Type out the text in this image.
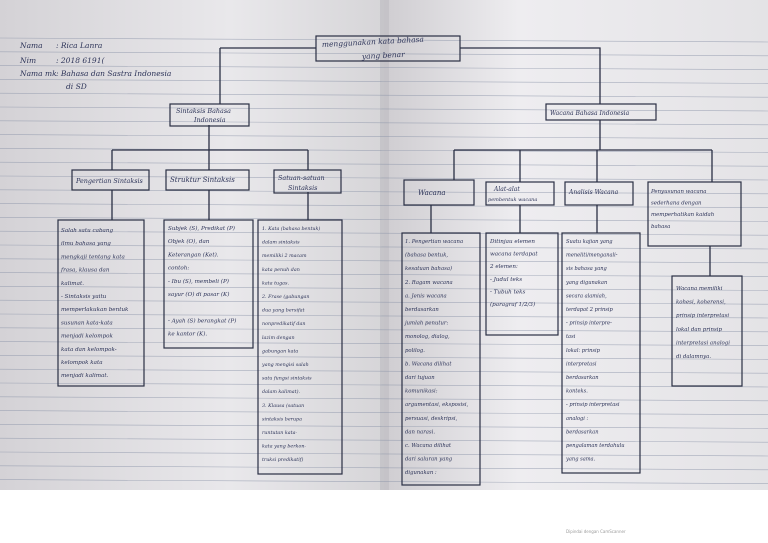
Nama : Rica Lanra
Nim	: 2018 6191(
Nama mk : Bahasa dan Sastra Indonesia
di SD
menggunakan kata bahasa
yang benar
Sintaksis Bahasa
Indonesia
Pengertian Sintaksis	Struktur Sintaksis	Satuan-satuan
Sintaksis
Wacana Bahasa Indonesia
Wacana	Alat-alat
pembentuk wacana
Analisis Wacana
Salah satu cabang
ilmu bahasa yang
mengkaji tentang kata
frasa, klausa dan
kalimat.
- Sintaksis yaitu
memperlakukan bentuk
susunan kata-kata
menjadi kelompok
kata dan kelompok-
kelompok kata
menjadi kalimat.
Subjek (S), Predikat (P)
Objek (O), dan
Keterangan (Ket).
contoh:
- Ibu (S), membeli (P)
sayur (O) di pasar (K)
- Ayah (S) berangkat (P)
ke kantor (K).
1. Kata (bahasa bentuk)
dalam sintaksis
memiliki 2 macam
kata penuh dan
kata tugas.
2. Frase (gabungan
dua yang bersifat
nonpredikatif dan
lazim dengan
gabungan kata
yang mengisi salah
satu fungsi sintaksis
dalam kalimat).
3. Klausa (satuan
sintaksis berupa
runtutan kata-
kata yang berkon-
truksi predikatif)
1. Pengertian wacana
(bahasa bentuk,
kesatuan bahasa)
2. Ragam wacana
a. Jenis wacana
berdasarkan
jumlah penutur:
monolog, dialog,
polilog.
b. Wacana dilihat
dari tujuan
komunikasi:
argumentasi, eksposisi,
persuasi, deskripsi,
dan narasi.
c. Wacana dilihat
dari saluran yang
digunakan :
Ditinjau elemen
wacana terdapat
2 elemen:
- Judul teks
- Tubuh teks
(paragraf 1/2/3)
Suatu kajian yang
meneliti/menganali-
sis bahasa yang
yang digunakan
secara alamiah,
terdapat 2 prinsip
- prinsip interpre-
tasi
lokal: prinsip
interpretasi
berdasarkan
konteks.
- prinsip interpretasi
analogi :
berdasarkan
pengalaman terdahulu
yang sama.
Penyusunan wacana
sederhana dengan
memperhatikan kaidah
bahasa
Wacana memiliki
kohesi, koherensi,
prinsip interpretasi
lokal dan prinsip
interpretasi analogi
di dalamnya.
Dipindai dengan CamScanner
